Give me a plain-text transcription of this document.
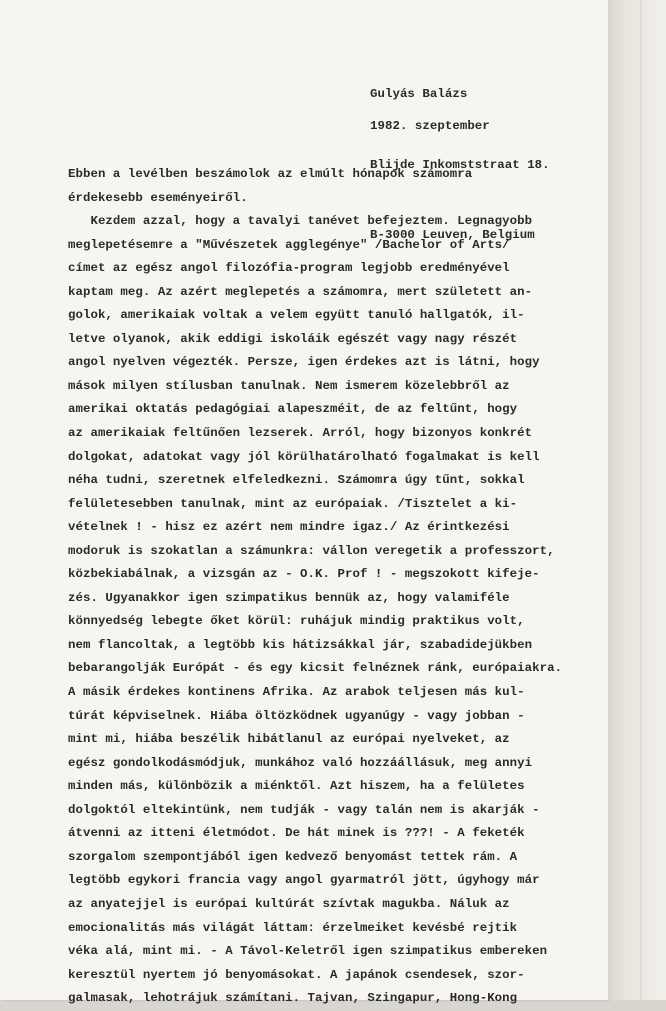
Gulyás Balázs

Blijde Inkomststraat 18.

B-3000 Leuven, Belgium

1982. szeptember
Ebben a levélben beszámolok az elmúlt hónapok számomra
érdekesebb eseményeiről.
Kezdem azzal, hogy a tavalyi tanévet befejeztem. Legnagyobb
meglepetésemre a "Művészetek agglegénye" /Bachelor of Arts/
címet az egész angol filozófia-program legjobb eredményével
kaptam meg. Az azért meglepetés a számomra, mert született an-
golok, amerikaiak voltak a velem együtt tanuló hallgatók, il-
letve olyanok, akik eddigi iskoláik egészét vagy nagy részét
angol nyelven végezték. Persze, igen érdekes azt is látni, hogy
mások milyen stílusban tanulnak. Nem ismerem közelebbről az
amerikai oktatás pedagógiai alapeszméit, de az feltűnt, hogy
az amerikaiak feltűnően lezserek. Arról, hogy bizonyos konkrét
dolgokat, adatokat vagy jól körülhatárolható fogalmakat is kell
néha tudni, szeretnek elfeledkezni. Számomra úgy tűnt, sokkal
felületesebben tanulnak, mint az európaiak. /Tisztelet a ki-
vételnek ! - hisz ez azért nem mindre igaz./ Az érintkezési
modoruk is szokatlan a számunkra: vállon veregetik a professzort,
közbekiabálnak, a vizsgán az - O.K. Prof ! - megszokott kifeje-
zés. Ugyanakkor igen szimpatikus bennük az, hogy valamiféle
könnyedség lebegte őket körül: ruhájuk mindig praktikus volt,
nem flancoltak, a legtöbb kis hátizsákkal jár, szabadidejükben
bebarangolják Európát - és egy kicsit felnéznek ránk, európaiakra.
A másik érdekes kontinens Afrika. Az arabok teljesen más kul-
túrát képviselnek. Hiába öltözködnek ugyanúgy - vagy jobban -
mint mi, hiába beszélik hibátlanul az európai nyelveket, az
egész gondolkodásmódjuk, munkához való hozzáállásuk, meg annyi
minden más, különbözik a miénktől. Azt hiszem, ha a felületes
dolgoktól eltekintünk, nem tudják - vagy talán nem is akarják -
átvenni az itteni életmódot. De hát minek is ???! - A feketék
szorgalom szempontjából igen kedvező benyomást tettek rám. A
legtöbb egykori francia vagy angol gyarmatról jött, úgyhogy már
az anyatejjel is európai kultúrát szívtak magukba. Náluk az
emocionalitás más világát láttam: érzelmeiket kevésbé rejtik
véka alá, mint mi. - A Távol-Keletről igen szimpatikus embereken
keresztül nyertem jó benyomásokat. A japánok csendesek, szor-
galmasak, lehotrájuk számítani. Tajvan, Szingapur, Hong-Kong
